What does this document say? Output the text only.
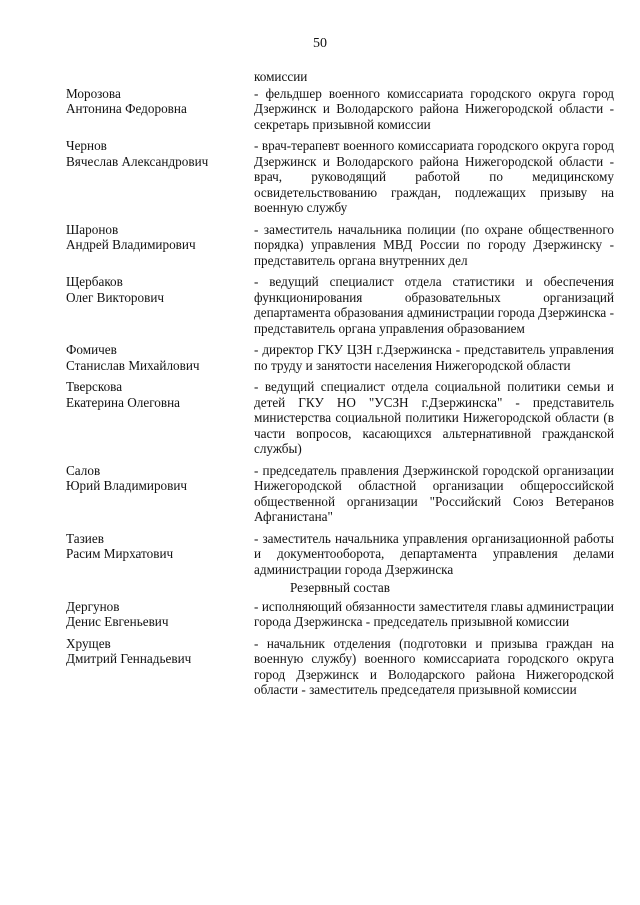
50
комиссии
Морозова
Антонина Федоровна
- фельдшер военного комиссариата городского округа город Дзержинск и Володарского района Нижегородской области - секретарь призывной комиссии
Чернов
Вячеслав Александрович
- врач-терапевт военного комиссариата городского округа город Дзержинск и Володарского района Нижегородской области - врач, руководящий работой по медицинскому освидетельствованию граждан, подлежащих призыву на военную службу
Шаронов
Андрей Владимирович
- заместитель начальника полиции (по охране общественного порядка) управления МВД России по городу Дзержинску - представитель органа внутренних дел
Щербаков
Олег Викторович
- ведущий специалист отдела статистики и обеспечения функционирования образовательных организаций департамента образования администрации города Дзержинска - представитель органа управления образованием
Фомичев
Станислав Михайлович
- директор ГКУ ЦЗН г.Дзержинска - представитель управления по труду и занятости населения Нижегородской области
Тверскова
Екатерина Олеговна
- ведущий специалист отдела социальной политики семьи и детей ГКУ НО "УСЗН г.Дзержинска" - представитель министерства социальной политики Нижегородской области (в части вопросов, касающихся альтернативной гражданской службы)
Салов
Юрий Владимирович
- председатель правления Дзержинской городской организации Нижегородской областной организации общероссийской общественной организации "Российский Союз Ветеранов Афганистана"
Тазиев
Расим Мирхатович
- заместитель начальника управления организационной работы и документооборота, департамента управления делами администрации города Дзержинска
Резервный состав
Дергунов
Денис Евгеньевич
- исполняющий обязанности заместителя главы администрации города Дзержинска - председатель призывной комиссии
Хрущев
Дмитрий Геннадьевич
- начальник отделения (подготовки и призыва граждан на военную службу) военного комиссариата городского округа город Дзержинск и Володарского района Нижегородской области - заместитель председателя призывной комиссии
